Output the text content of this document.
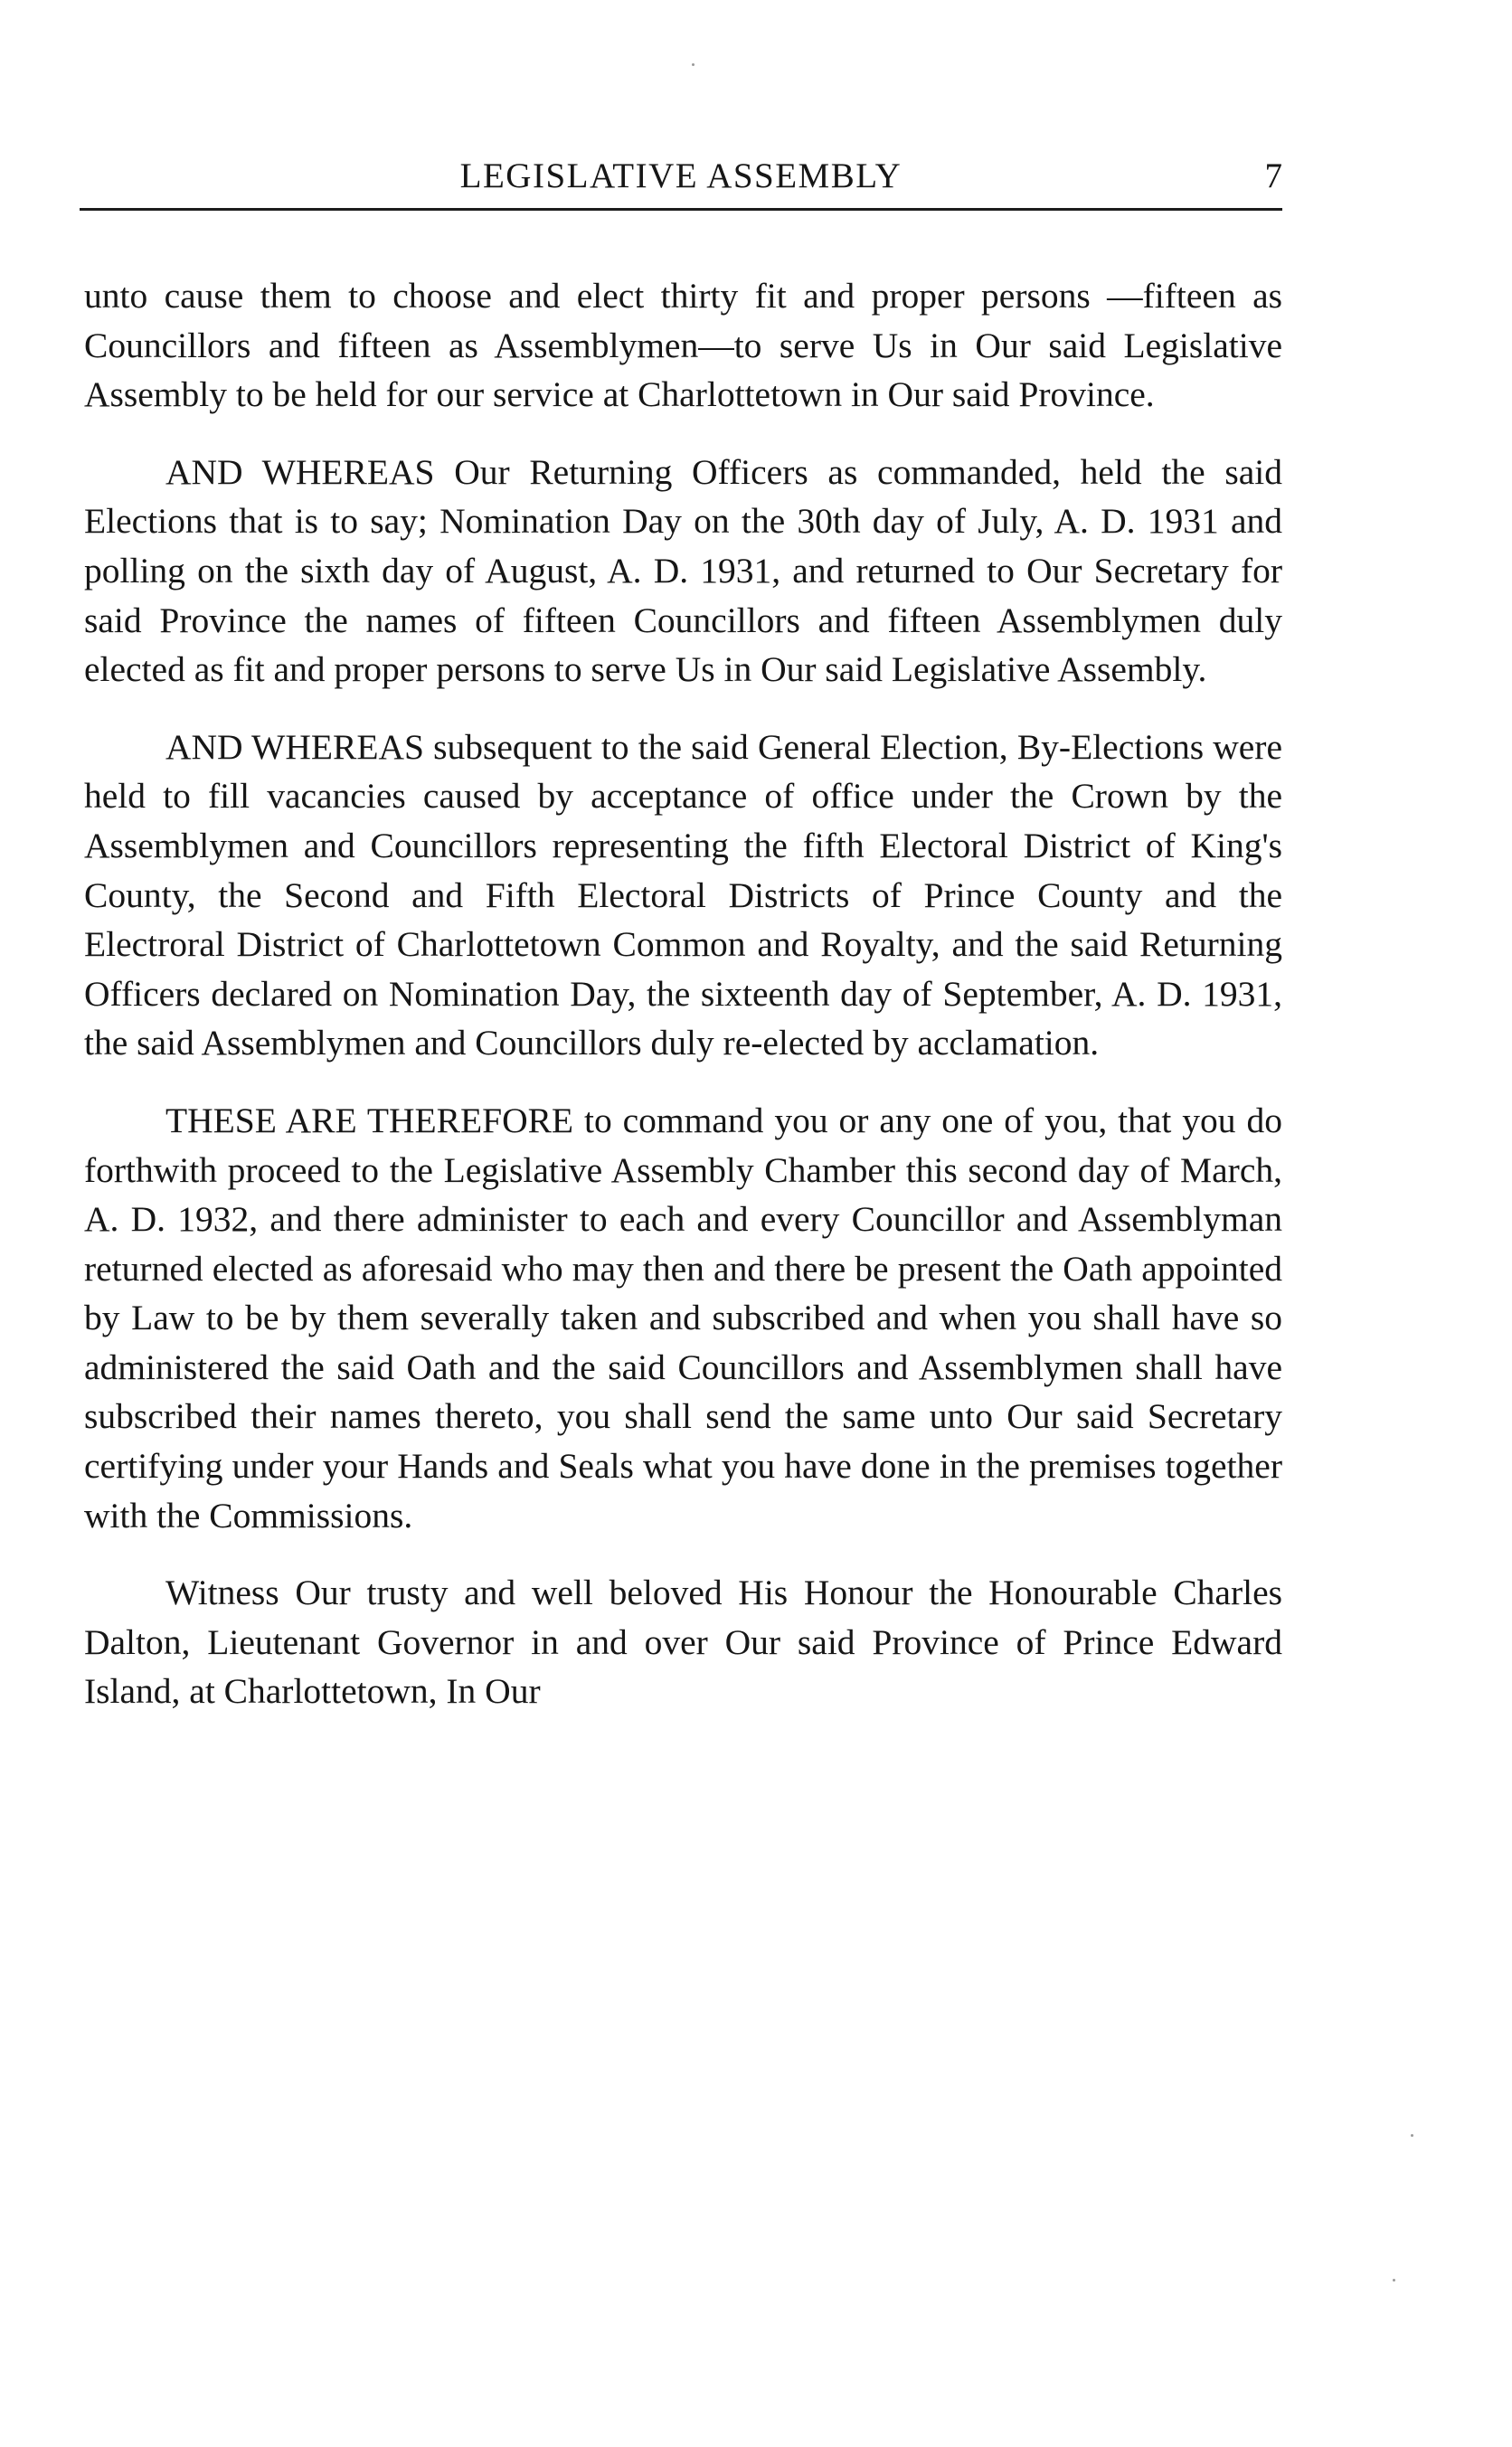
LEGISLATIVE ASSEMBLY	7

unto cause them to choose and elect thirty fit and proper persons —fifteen as Councillors and fifteen as Assemblymen—to serve Us in Our said Legislative Assembly to be held for our service at Charlottetown in Our said Province.

AND WHEREAS Our Returning Officers as commanded, held the said Elections that is to say; Nomination Day on the 30th day of July, A. D. 1931 and polling on the sixth day of August, A. D. 1931, and returned to Our Secretary for said Province the names of fifteen Councillors and fifteen Assemblymen duly elected as fit and proper persons to serve Us in Our said Legislative Assembly.

AND WHEREAS subsequent to the said General Election, By-Elections were held to fill vacancies caused by acceptance of office under the Crown by the Assemblymen and Councillors representing the fifth Electoral District of King's County, the Second and Fifth Electoral Districts of Prince County and the Electroral District of Charlottetown Common and Royalty, and the said Returning Officers declared on Nomination Day, the sixteenth day of September, A. D. 1931, the said Assemblymen and Councillors duly re-elected by acclamation.

THESE ARE THEREFORE to command you or any one of you, that you do forthwith proceed to the Legislative Assembly Chamber this second day of March, A. D. 1932, and there administer to each and every Councillor and Assemblyman returned elected as aforesaid who may then and there be present the Oath appointed by Law to be by them severally taken and subscribed and when you shall have so administered the said Oath and the said Councillors and Assemblymen shall have subscribed their names thereto, you shall send the same unto Our said Secretary certifying under your Hands and Seals what you have done in the premises together with the Commissions.

Witness Our trusty and well beloved His Honour the Honourable Charles Dalton, Lieutenant Governor in and over Our said Province of Prince Edward Island, at Charlottetown, In Our
